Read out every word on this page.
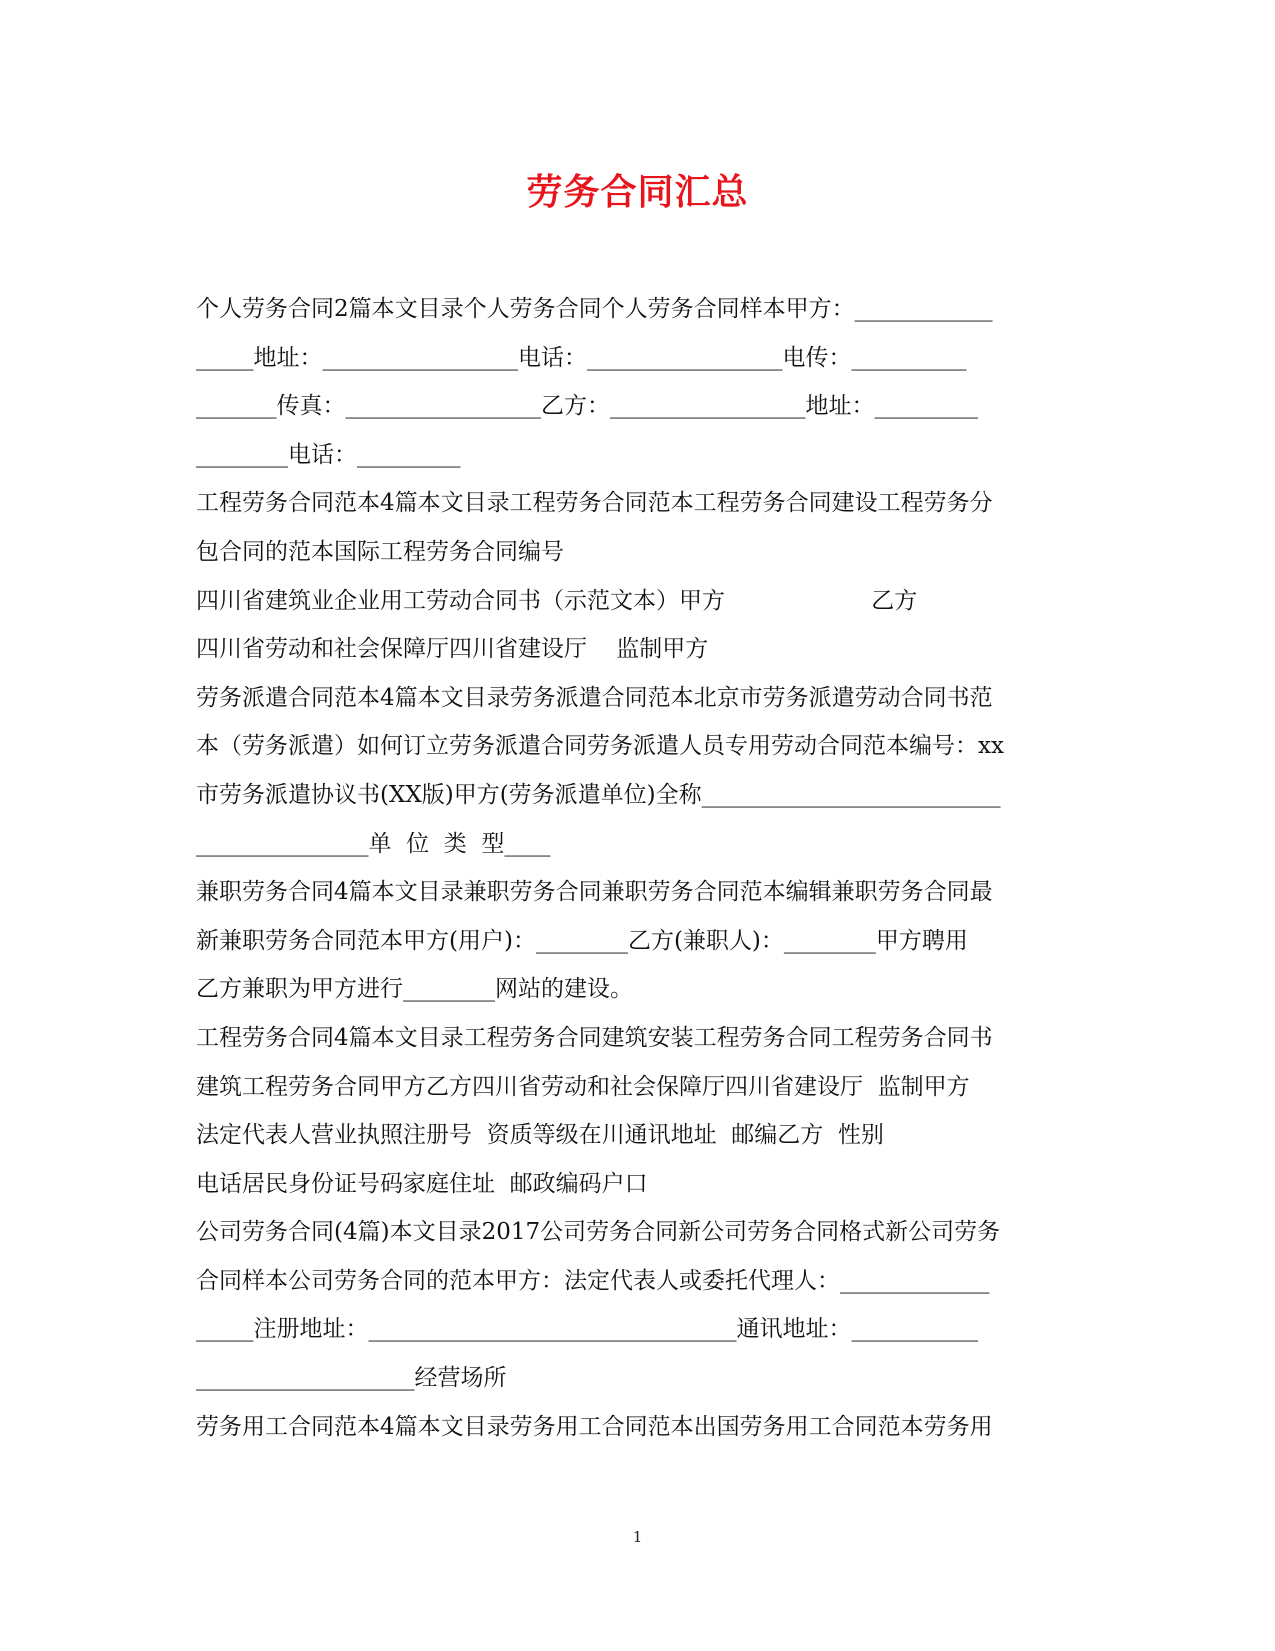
劳务合同汇总
个人劳务合同2篇本文目录个人劳务合同个人劳务合同样本甲方：____________
_____地址：_________________电话：_________________电传：__________
_______传真：_________________乙方：_________________地址：_________
________电话：_________
工程劳务合同范本4篇本文目录工程劳务合同范本工程劳务合同建设工程劳务分
包合同的范本国际工程劳务合同编号
四川省建筑业企业用工劳动合同书（示范文本）甲方                    乙方
四川省劳动和社会保障厅四川省建设厅    监制甲方
劳务派遣合同范本4篇本文目录劳务派遣合同范本北京市劳务派遣劳动合同书范
本（劳务派遣）如何订立劳务派遣合同劳务派遣人员专用劳动合同范本编号：xx
市劳务派遣协议书(XX版)甲方(劳务派遣单位)全称__________________________
_______________单  位  类  型____
兼职劳务合同4篇本文目录兼职劳务合同兼职劳务合同范本编辑兼职劳务合同最
新兼职劳务合同范本甲方(用户)：________乙方(兼职人)：________甲方聘用
乙方兼职为甲方进行________网站的建设。
工程劳务合同4篇本文目录工程劳务合同建筑安装工程劳务合同工程劳务合同书
建筑工程劳务合同甲方乙方四川省劳动和社会保障厅四川省建设厅  监制甲方
法定代表人营业执照注册号  资质等级在川通讯地址  邮编乙方  性别
电话居民身份证号码家庭住址  邮政编码户口
公司劳务合同(4篇)本文目录2017公司劳务合同新公司劳务合同格式新公司劳务
合同样本公司劳务合同的范本甲方：法定代表人或委托代理人：_____________
_____注册地址：________________________________通讯地址：___________
___________________经营场所
劳务用工合同范本4篇本文目录劳务用工合同范本出国劳务用工合同范本劳务用
1
